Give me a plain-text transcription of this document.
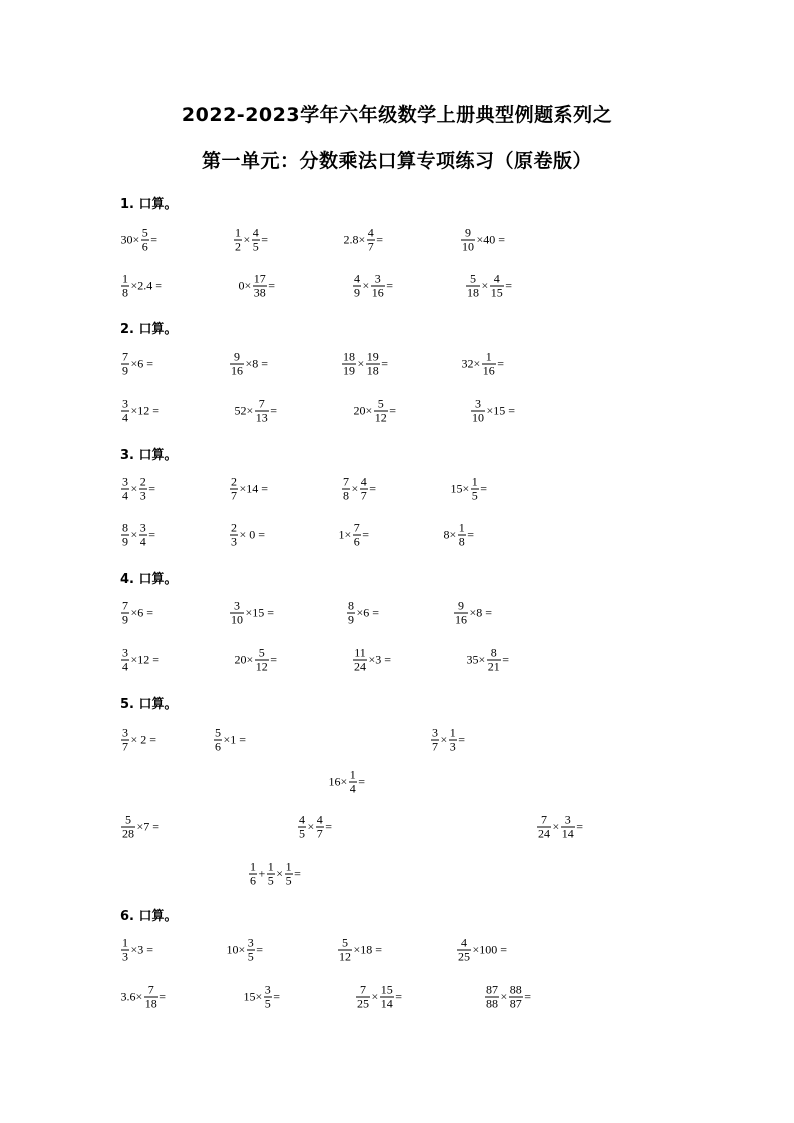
2022-2023学年六年级数学上册典型例题系列之
第一单元：分数乘法口算专项练习（原卷版）
1. 口算。
$30\times \frac{5}{6}$ =	$\frac{1}{2} \times \frac{4}{5}$ =	$2.8\times \frac{4}{7}$ =	$\frac{9}{10} \times 40$ =
$\frac{1}{8} \times 2.4$ =	$0\times \frac{17}{38}$ =	$\frac{4}{9} \times \frac{3}{16}$ =	$\frac{5}{18} \times \frac{4}{15}$ =
2. 口算。
$\frac{7}{9} \times 6$ =	$\frac{9}{16} \times 8$ =	$\frac{18}{19} \times \frac{19}{18}$ =	$32\times \frac{1}{16}$ =
$\frac{3}{4} \times 12$ =	$52\times \frac{7}{13}$ =	$20\times \frac{5}{12}$ =	$\frac{3}{10} \times 15$ =
3. 口算。
$\frac{3}{4} \times \frac{2}{3}$ =	$\frac{2}{7} \times 14$ =	$\frac{7}{8} \times \frac{4}{7}$ =	$15\times \frac{1}{5}$ =
$\frac{8}{9} \times \frac{3}{4}$ =	$\frac{2}{3} \times 0$ =	$1\times \frac{7}{6}$ =	$8\times \frac{1}{8}$ =
4. 口算。
$\frac{7}{9} \times 6$ =	$\frac{3}{10} \times 15$ =	$\frac{8}{9} \times 6$ =	$\frac{9}{16} \times 8$ =
$\frac{3}{4} \times 12$ =	$20\times \frac{5}{12}$ =	$\frac{11}{24} \times 3$ =	$35\times \frac{8}{21}$ =
5. 口算。
$\frac{3}{7} \times 2$ =	$\frac{5}{6} \times 1$ =	$\frac{3}{7} \times \frac{1}{3}$ =
$16\times \frac{1}{4}$ =
$\frac{5}{28} \times 7$ =	$\frac{4}{5} \times \frac{4}{7}$ =	$\frac{7}{24} \times \frac{3}{14}$ =
$\frac{1}{6} + \frac{1}{5} \times \frac{1}{5}$ =
6. 口算。
$\frac{1}{3} \times 3$ =	$10\times \frac{3}{5}$ =	$\frac{5}{12} \times 18$ =	$\frac{4}{25} \times 100$ =
$3.6\times \frac{7}{18}$ =	$15\times \frac{3}{5}$ =	$\frac{7}{25} \times \frac{15}{14}$ =	$\frac{87}{88} \times \frac{88}{87}$ =
